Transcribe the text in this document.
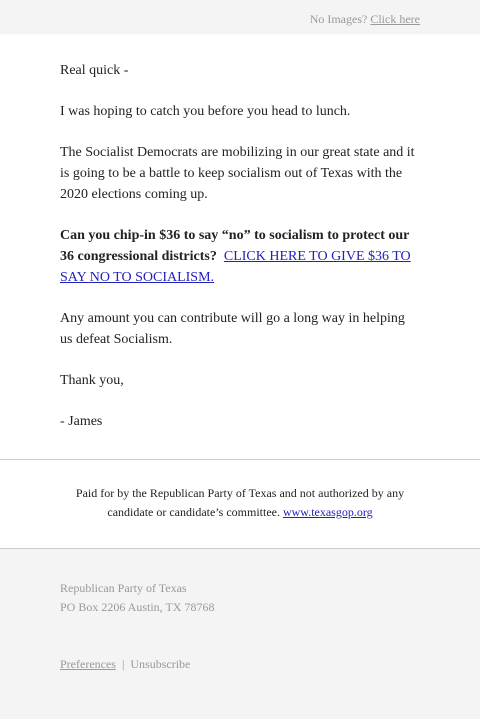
No Images? Click here

Real quick -

I was hoping to catch you before you head to lunch.

The Socialist Democrats are mobilizing in our great state and it is going to be a battle to keep socialism out of Texas with the 2020 elections coming up.

Can you chip-in $36 to say “no” to socialism to protect our 36 congressional districts? CLICK HERE TO GIVE $36 TO SAY NO TO SOCIALISM.

Any amount you can contribute will go a long way in helping us defeat Socialism.

Thank you,

- James

Paid for by the Republican Party of Texas and not authorized by any candidate or candidate’s committee. www.texasgop.org
Republican Party of Texas
PO Box 2206 Austin, TX 78768
Preferences | Unsubscribe
